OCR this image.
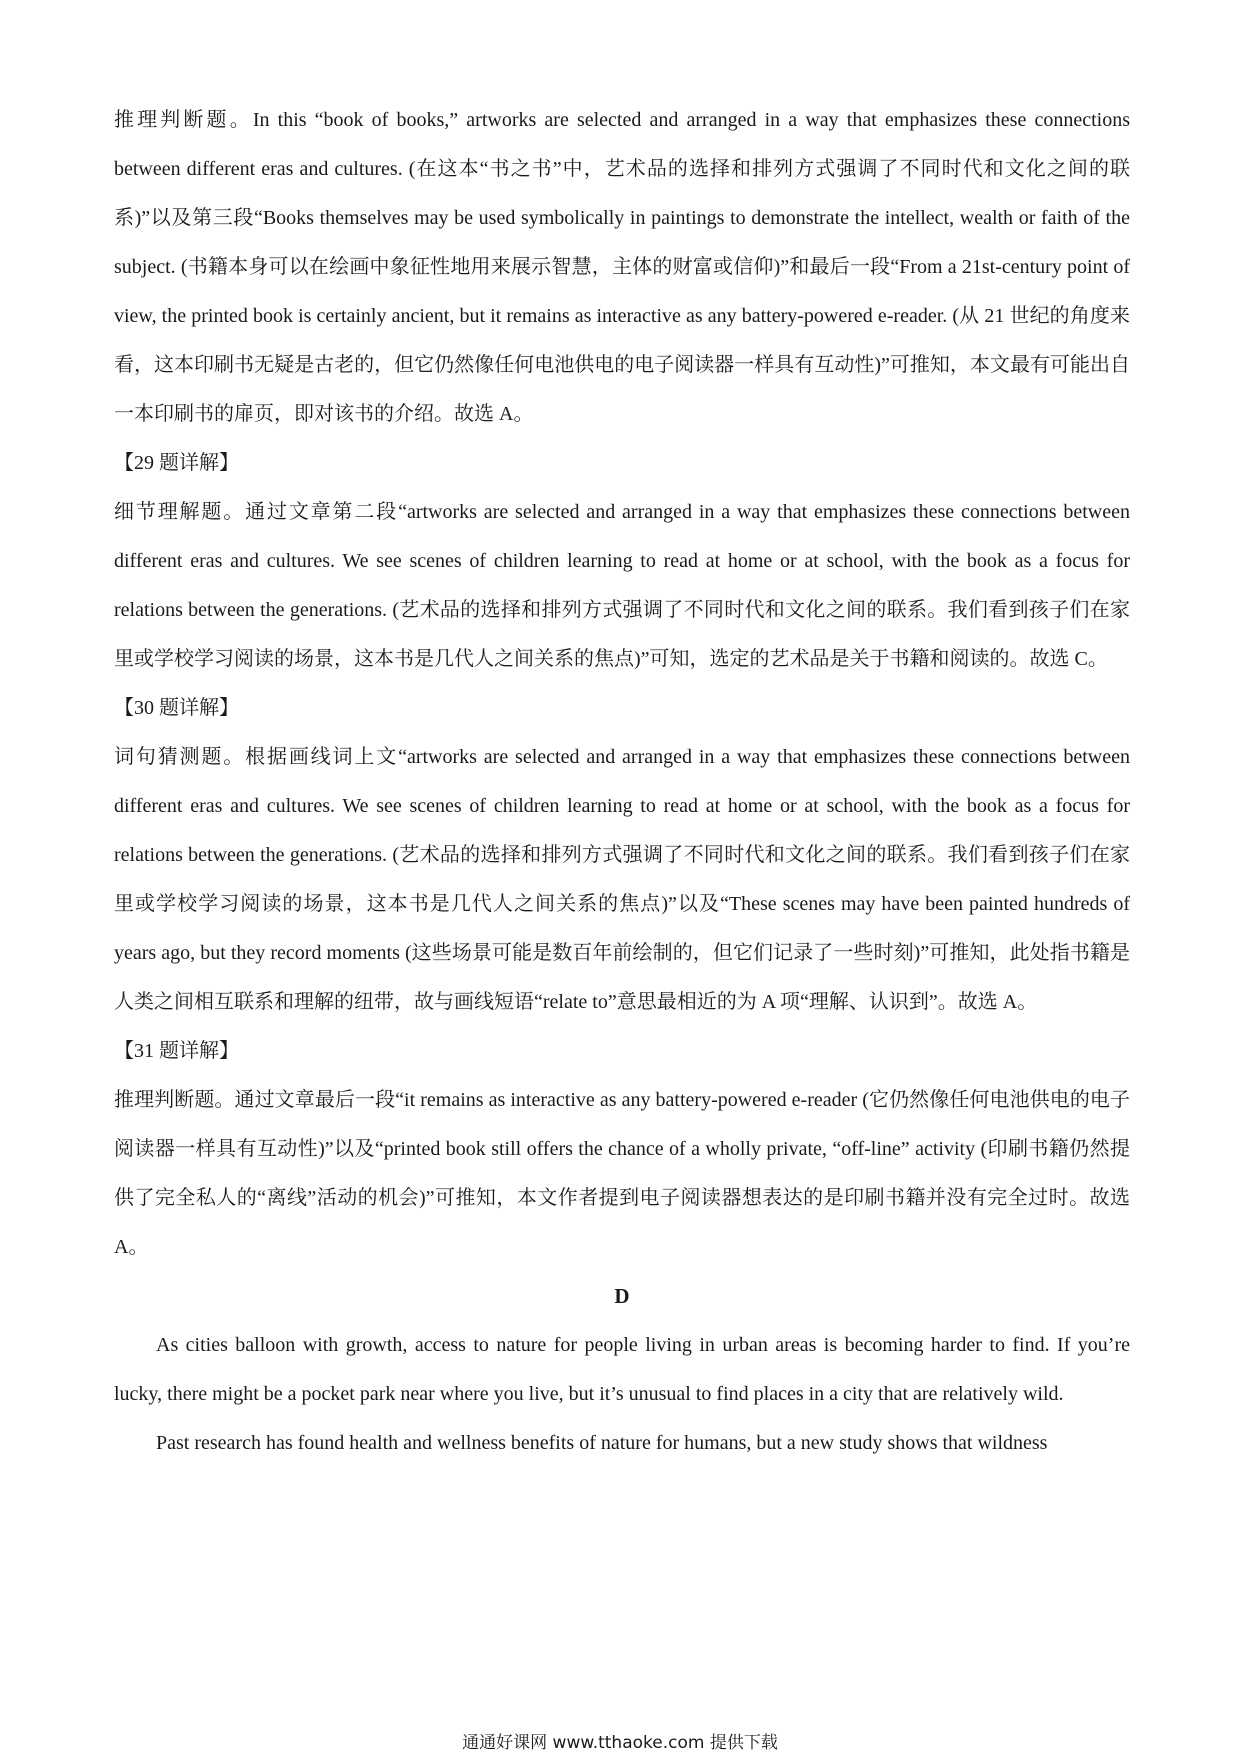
推理判断题。In this “book of books,” artworks are selected and arranged in a way that emphasizes these connections between different eras and cultures. (在这本“书之书”中，艺术品的选择和排列方式强调了不同时代和文化之间的联系)”以及第三段“Books themselves may be used symbolically in paintings to demonstrate the intellect, wealth or faith of the subject. (书籍本身可以在绘画中象征性地用来展示智慧，主体的财富或信仰)”和最后一段“From a 21st-century point of view, the printed book is certainly ancient, but it remains as interactive as any battery-powered e-reader. (从 21 世纪的角度来看，这本印刷书无疑是古老的，但它仍然像任何电池供电的电子阅读器一样具有互动性)”可推知，本文最有可能出自一本印刷书的扉页，即对该书的介绍。故选 A。

【29 题详解】

细节理解题。通过文章第二段“artworks are selected and arranged in a way that emphasizes these connections between different eras and cultures. We see scenes of children learning to read at home or at school, with the book as a focus for relations between the generations. (艺术品的选择和排列方式强调了不同时代和文化之间的联系。我们看到孩子们在家里或学校学习阅读的场景，这本书是几代人之间关系的焦点)”可知，选定的艺术品是关于书籍和阅读的。故选 C。

【30 题详解】

词句猜测题。根据画线词上文“artworks are selected and arranged in a way that emphasizes these connections between different eras and cultures. We see scenes of children learning to read at home or at school, with the book as a focus for relations between the generations. (艺术品的选择和排列方式强调了不同时代和文化之间的联系。我们看到孩子们在家里或学校学习阅读的场景，这本书是几代人之间关系的焦点)”以及“These scenes may have been painted hundreds of years ago, but they record moments (这些场景可能是数百年前绘制的，但它们记录了一些时刻)”可推知，此处指书籍是人类之间相互联系和理解的纽带，故与画线短语“relate to”意思最相近的为 A 项“理解、认识到”。故选 A。

【31 题详解】

推理判断题。通过文章最后一段“it remains as interactive as any battery-powered e-reader (它仍然像任何电池供电的电子阅读器一样具有互动性)”以及“printed book still offers the chance of a wholly private, “off-line” activity (印刷书籍仍然提供了完全私人的“离线”活动的机会)”可推知，本文作者提到电子阅读器想表达的是印刷书籍并没有完全过时。故选 A。

D

As cities balloon with growth, access to nature for people living in urban areas is becoming harder to find. If you’re lucky, there might be a pocket park near where you live, but it’s unusual to find places in a city that are relatively wild.

Past research has found health and wellness benefits of nature for humans, but a new study shows that wildness

通通好课网 www.tthaoke.com 提供下载
